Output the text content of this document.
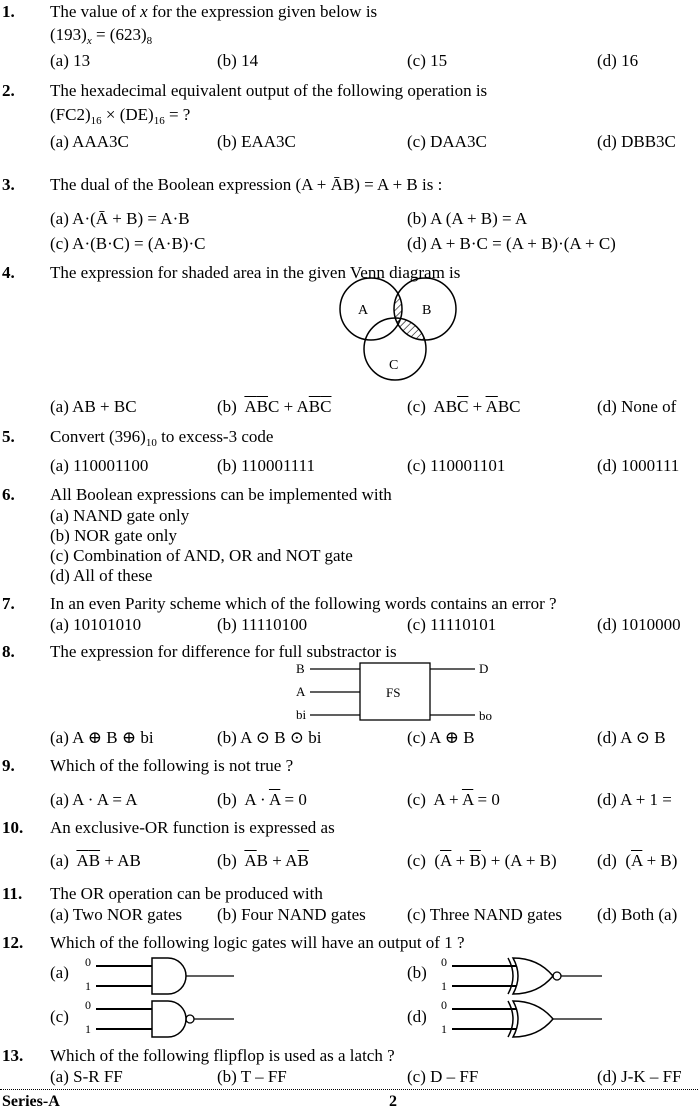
1. The value of x for the expression given below is
$(193)_x = (623)_8$
(a) 13	(b) 14	(c) 15	(d) 16
2. The hexadecimal equivalent output of the following operation is
$(FC2)_{16} \times (DE)_{16}$ = ?
(a) AAA3C	(b) EAA3C	(c) DAA3C	(d) DBB3C
3. The dual of the Boolean expression (A + ĀB) = A + B is :
(a) A·(Ā + B) = A·B	(b) A (A + B) = A
(c) A·(B·C) = (A·B)·C	(d) A + B·C = (A + B)·(A + C)
4. The expression for shaded area in the given Venn diagram is
A	B
C
(a) AB + BC	(b) $\overline{A}\overline{B}C + A\overline{B}\overline{C}$	(c)  $AB\overline{C} + \overline{A}BC$	(d) None of
5. Convert $(396)_{10}$ to excess-3 code
(a) 110001100	(b) 110001111	(c) 110001101	(d) 1000111
6. All Boolean expressions can be implemented with
(a) NAND gate only
(b) NOR gate only
(c) Combination of AND, OR and NOT gate
(d) All of these
7. In an even Parity scheme which of the following words contains an error ?
(a) 10101010	(b) 11110100	(c) 11110101	(d) 1010000
8. The expression for difference for full substractor is
B
A
bi
FS
D
bo
(a) A ⊕ B ⊕ bi	(b) A ⊙ B ⊙ bi	(c) A ⊕ B	(d) A ⊙ B
9. Which of the following is not true ?
(a) A · A = A	(b)  $A \cdot \overline{A} = 0$	(c)  $A + \overline{A} = 0$	(d) A + 1 =
10. An exclusive-OR function is expressed as
(a) $\overline{A}\overline{B}$ + AB	(b) $\overline{A}B + A\overline{B}$	(c)  $(\overline{A} + \overline{B}) + (A + B)$ (d)  $(\overline{A} + B)$
11. The OR operation can be produced with
(a) Two NOR gates (b) Four NAND gates (c) Three NAND gates (d) Both (a)
12. Which of the following logic gates will have an output of 1 ?
(a)	(b)
(c)	(d)
0
1
0
1
0
1
0
1
13. Which of the following flipflop is used as a latch ?
(a) S-R FF	(b) T – FF	(c) D – FF	(d) J-K – FF
Series-A	2
